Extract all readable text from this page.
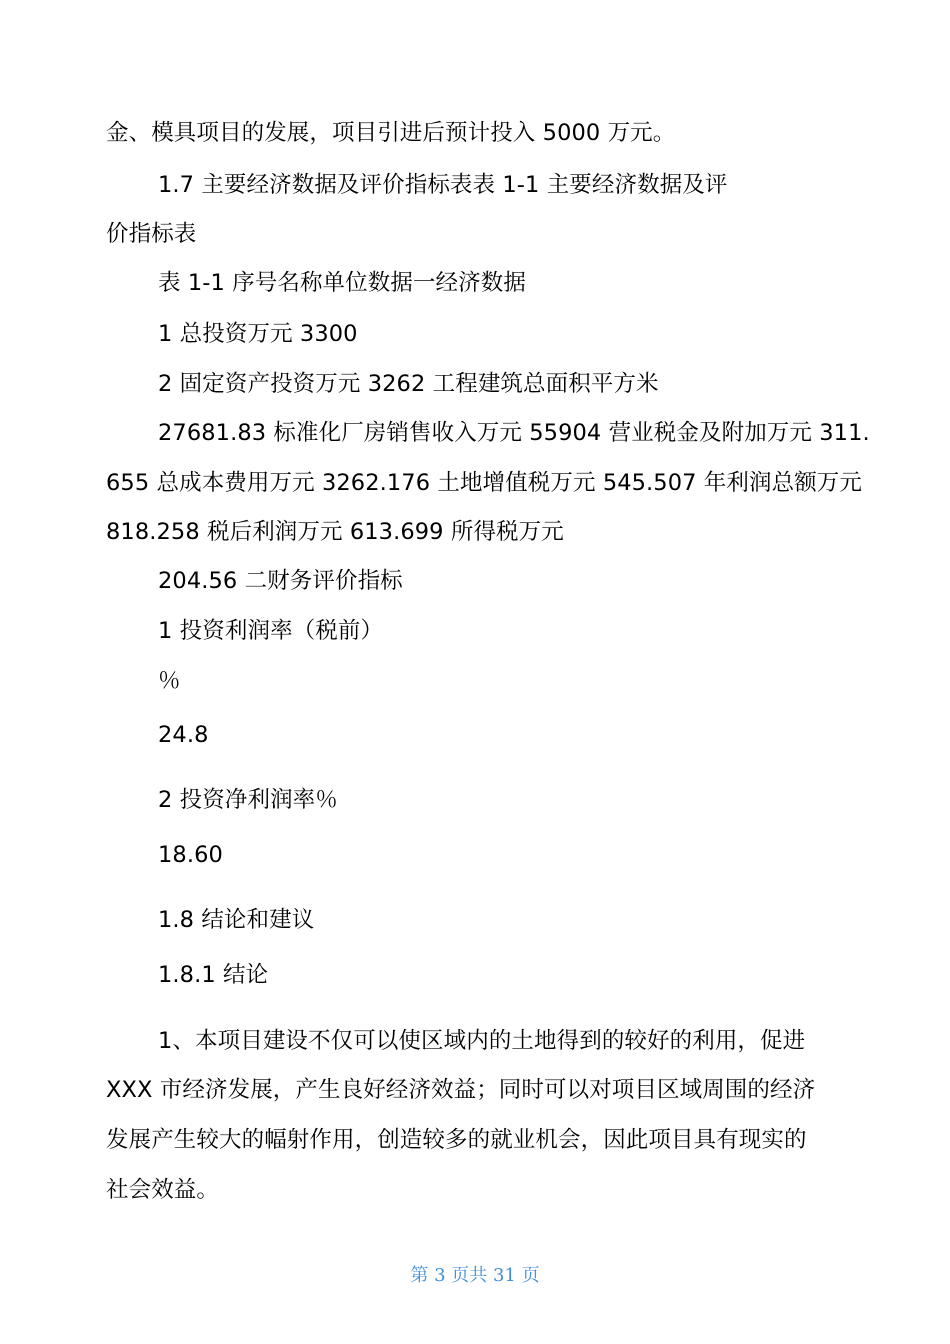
金、模具项目的发展，项目引进后预计投入 5000 万元。
1.7 主要经济数据及评价指标表表 1-1 主要经济数据及评
价指标表
表 1-1 序号名称单位数据一经济数据
1 总投资万元 3300
2 固定资产投资万元 3262 工程建筑总面积平方米
27681.83 标准化厂房销售收入万元 55904 营业税金及附加万元 311.
655 总成本费用万元 3262.176 土地增值税万元 545.507 年利润总额万元
818.258 税后利润万元 613.699 所得税万元
204.56 二财务评价指标
1 投资利润率（税前）
％
24.8
2 投资净利润率％
18.60
1.8 结论和建议
1.8.1 结论
1、本项目建设不仅可以使区域内的土地得到的较好的利用，促进
XXX 市经济发展，产生良好经济效益；同时可以对项目区域周围的经济
发展产生较大的幅射作用，创造较多的就业机会，因此项目具有现实的
社会效益。
第 3 页共 31 页
